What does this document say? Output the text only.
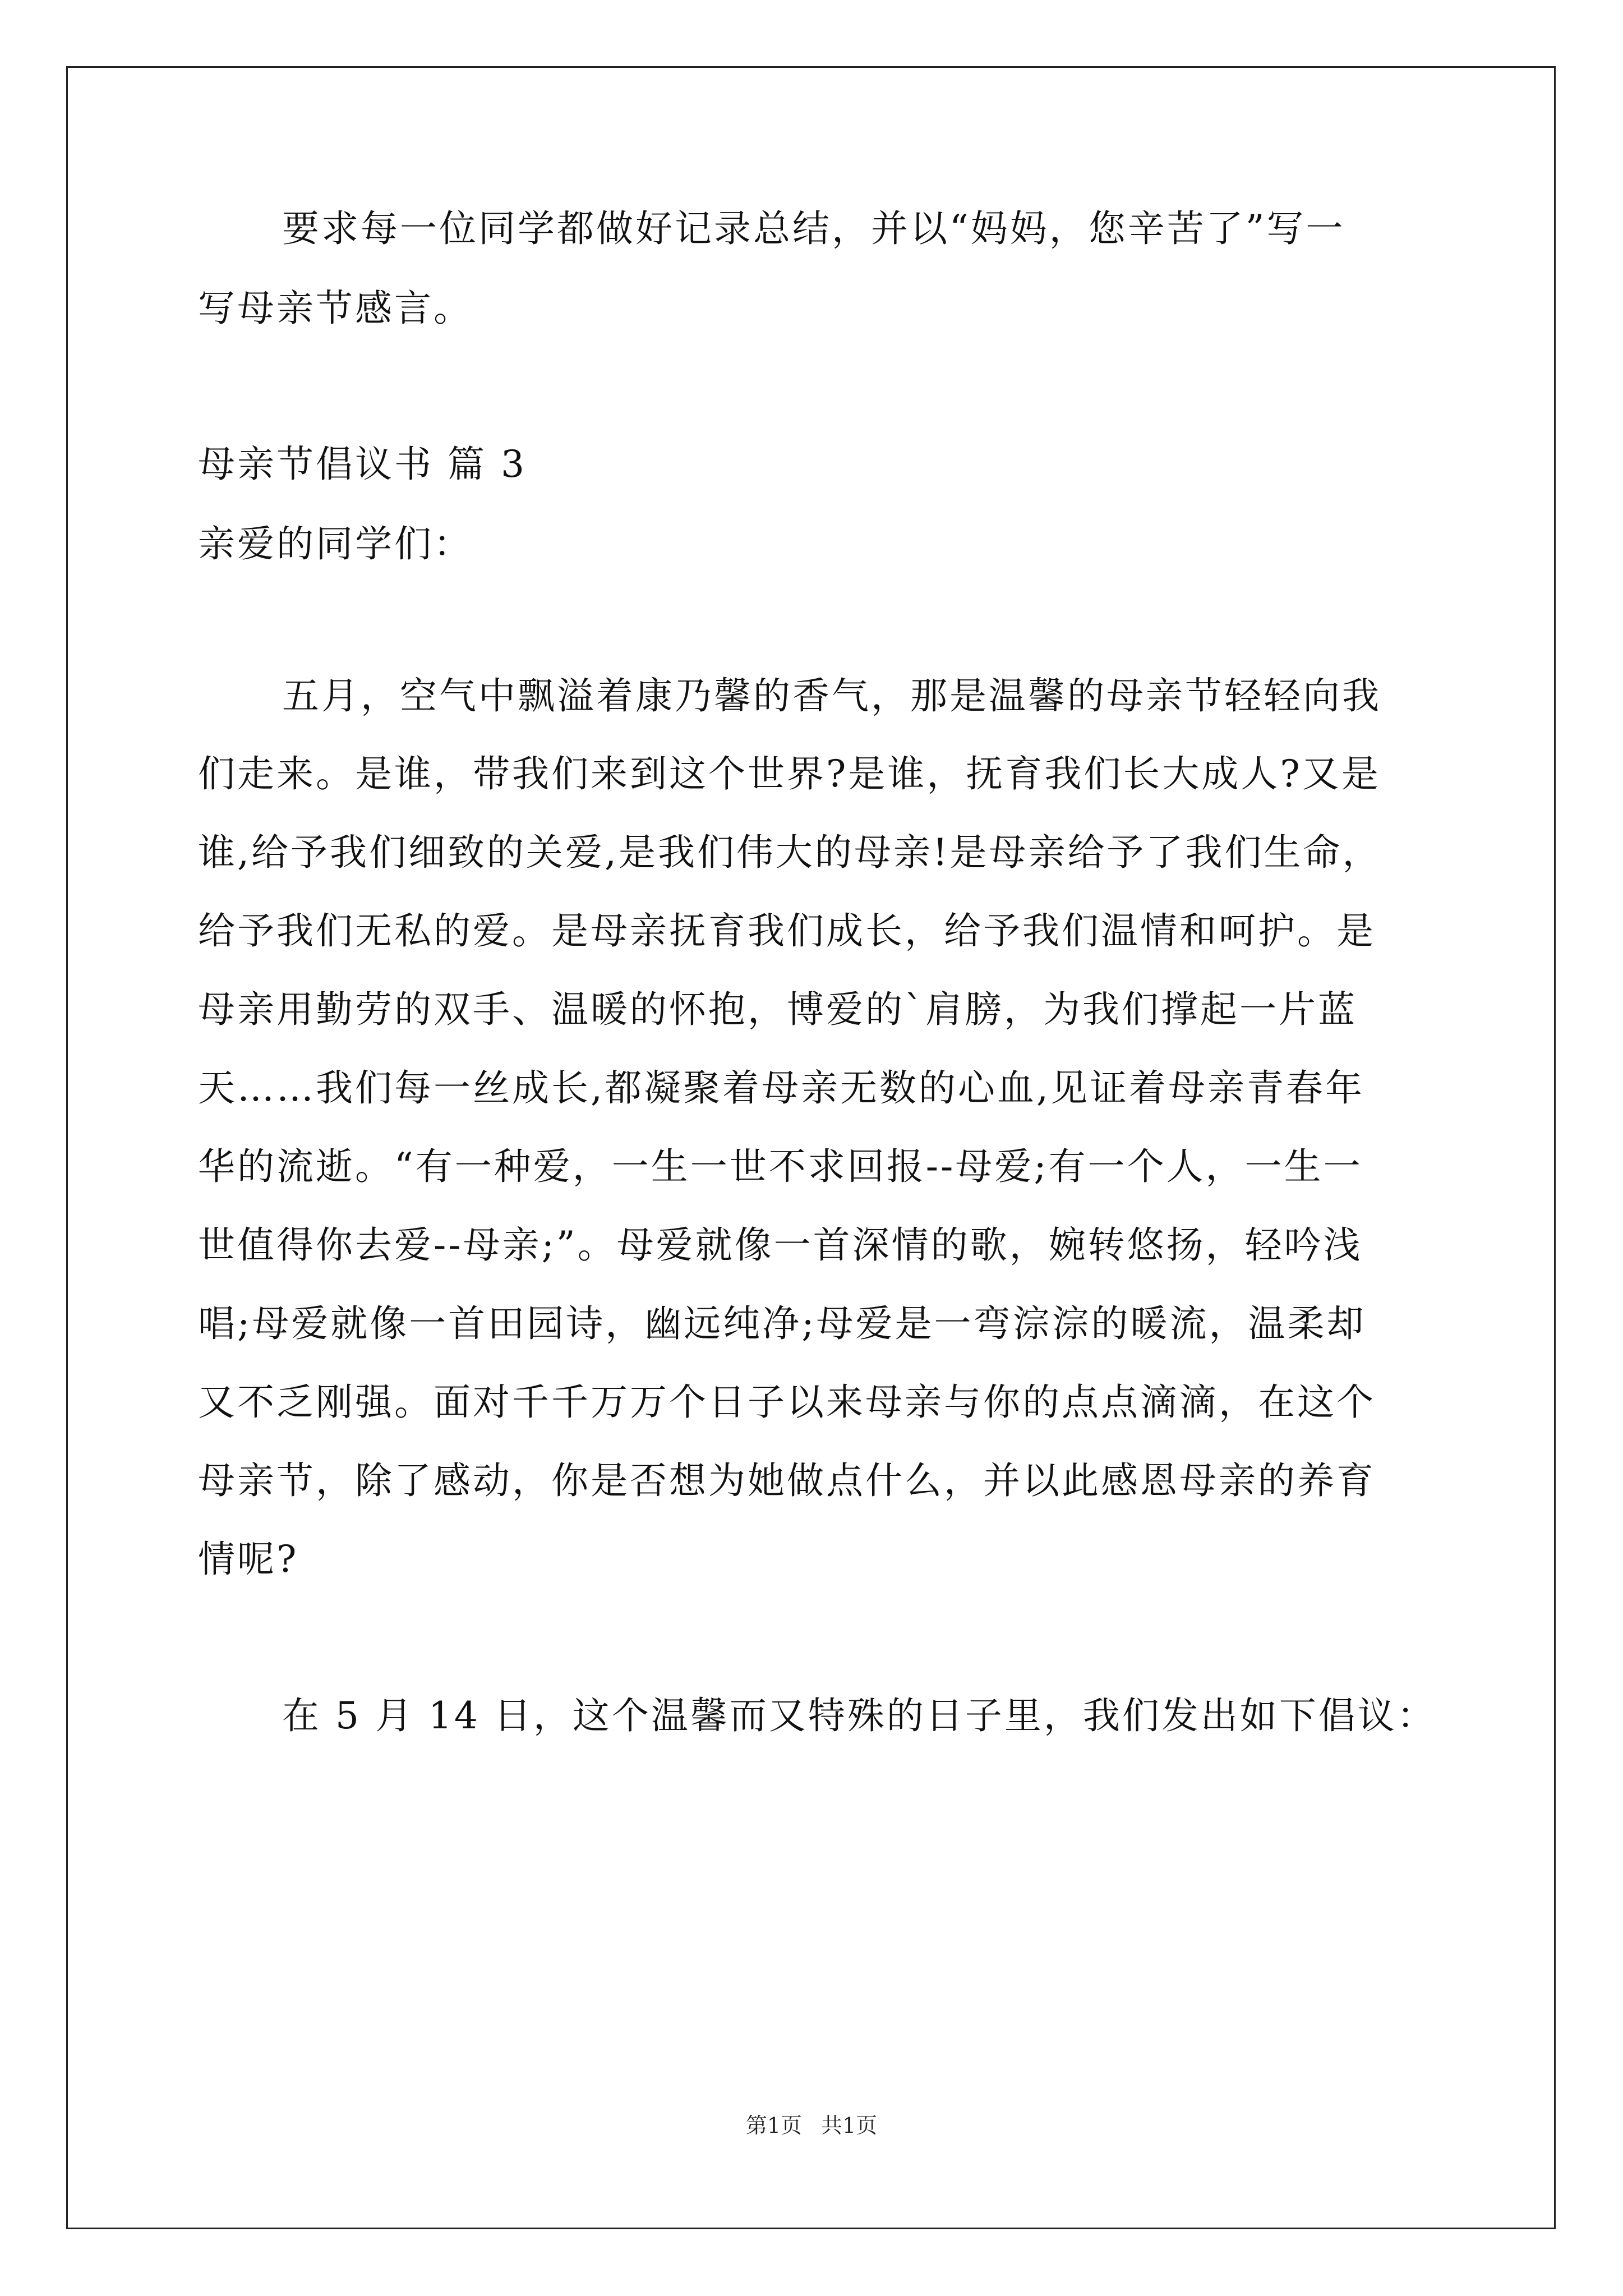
要求每一位同学都做好记录总结，并以“妈妈，您辛苦了”写一
写母亲节感言。
母亲节倡议书 篇 3
亲爱的同学们：
五月，空气中飘溢着康乃馨的香气，那是温馨的母亲节轻轻向我
们走来。是谁，带我们来到这个世界?是谁，抚育我们长大成人?又是
谁,给予我们细致的关爱,是我们伟大的母亲!是母亲给予了我们生命，
给予我们无私的爱。是母亲抚育我们成长，给予我们温情和呵护。是
母亲用勤劳的双手、温暖的怀抱，博爱的`肩膀，为我们撑起一片蓝
天……我们每一丝成长,都凝聚着母亲无数的心血,见证着母亲青春年
华的流逝。“有一种爱，一生一世不求回报--母爱;有一个人，一生一
世值得你去爱--母亲;”。母爱就像一首深情的歌，婉转悠扬，轻吟浅
唱;母爱就像一首田园诗，幽远纯净;母爱是一弯淙淙的暖流，温柔却
又不乏刚强。面对千千万万个日子以来母亲与你的点点滴滴，在这个
母亲节，除了感动，你是否想为她做点什么，并以此感恩母亲的养育
情呢?
在 5 月 14 日，这个温馨而又特殊的日子里，我们发出如下倡议：
第1页 共1页
